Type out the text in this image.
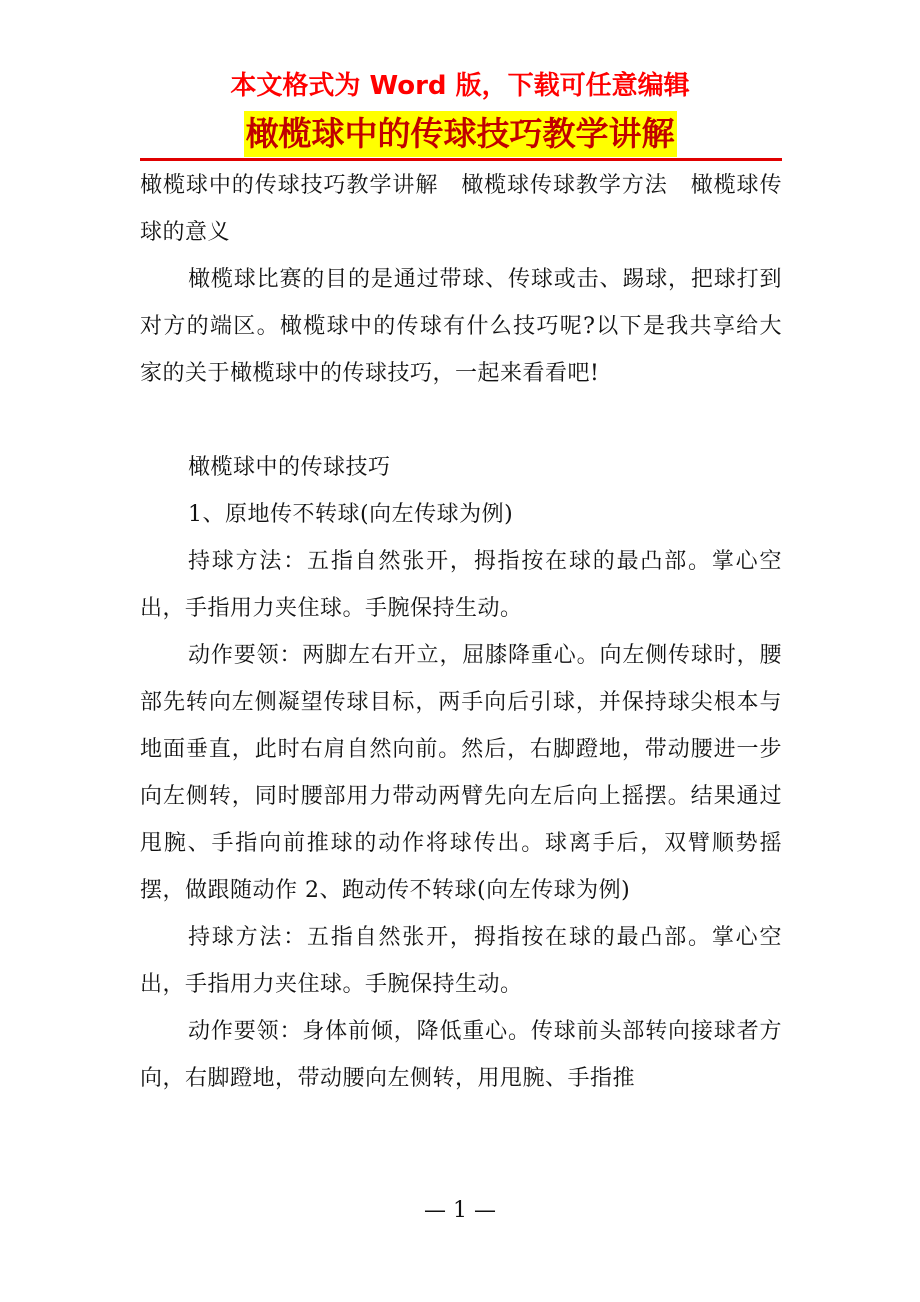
本文格式为 Word 版，下载可任意编辑
橄榄球中的传球技巧教学讲解

橄榄球中的传球技巧教学讲解　橄榄球传球教学方法　橄榄球传球的意义

橄榄球比赛的目的是通过带球、传球或击、踢球，把球打到对方的端区。橄榄球中的传球有什么技巧呢?以下是我共享给大家的关于橄榄球中的传球技巧，一起来看看吧!

橄榄球中的传球技巧

1、原地传不转球(向左传球为例)

持球方法：五指自然张开，拇指按在球的最凸部。掌心空出，手指用力夹住球。手腕保持生动。

动作要领：两脚左右开立，屈膝降重心。向左侧传球时，腰部先转向左侧凝望传球目标，两手向后引球，并保持球尖根本与地面垂直，此时右肩自然向前。然后，右脚蹬地，带动腰进一步向左侧转，同时腰部用力带动两臂先向左后向上摇摆。结果通过甩腕、手指向前推球的动作将球传出。球离手后，双臂顺势摇摆，做跟随动作 2、跑动传不转球(向左传球为例)

持球方法：五指自然张开，拇指按在球的最凸部。掌心空出，手指用力夹住球。手腕保持生动。

动作要领：身体前倾，降低重心。传球前头部转向接球者方向，右脚蹬地，带动腰向左侧转，用甩腕、手指推

— 1 —
